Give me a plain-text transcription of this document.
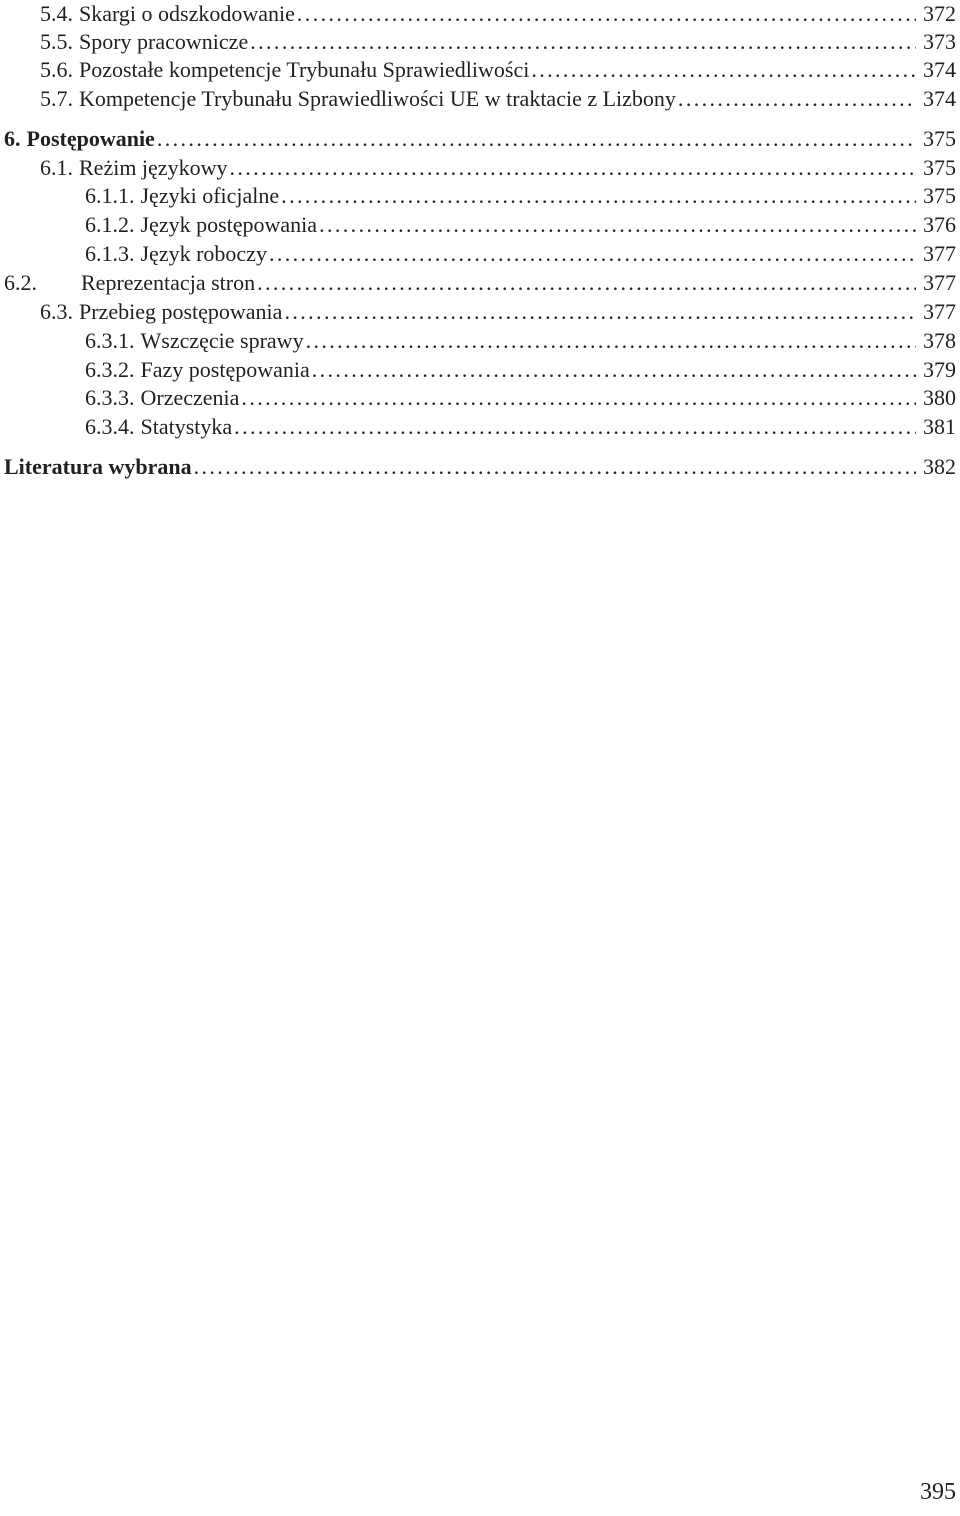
5.4. Skargi o odszkodowanie . . .	372
5.5. Spory pracownicze . . .	373
5.6. Pozostałe kompetencje Trybunału Sprawiedliwości . . .	374
5.7. Kompetencje Trybunału Sprawiedliwości UE w traktacie z Lizbony . . .	374
6. Postępowanie . . .	375
6.1. Reżim językowy . . .	375
6.1.1. Języki oficjalne . . .	375
6.1.2. Język postępowania . . .	376
6.1.3. Język roboczy . . .	377
6.2. Reprezentacja stron . . .	377
6.3. Przebieg postępowania . . .	377
6.3.1. Wszczęcie sprawy . . .	378
6.3.2. Fazy postępowania . . .	379
6.3.3. Orzeczenia . . .	380
6.3.4. Statystyka . . .	381
Literatura wybrana . . .	382
395
